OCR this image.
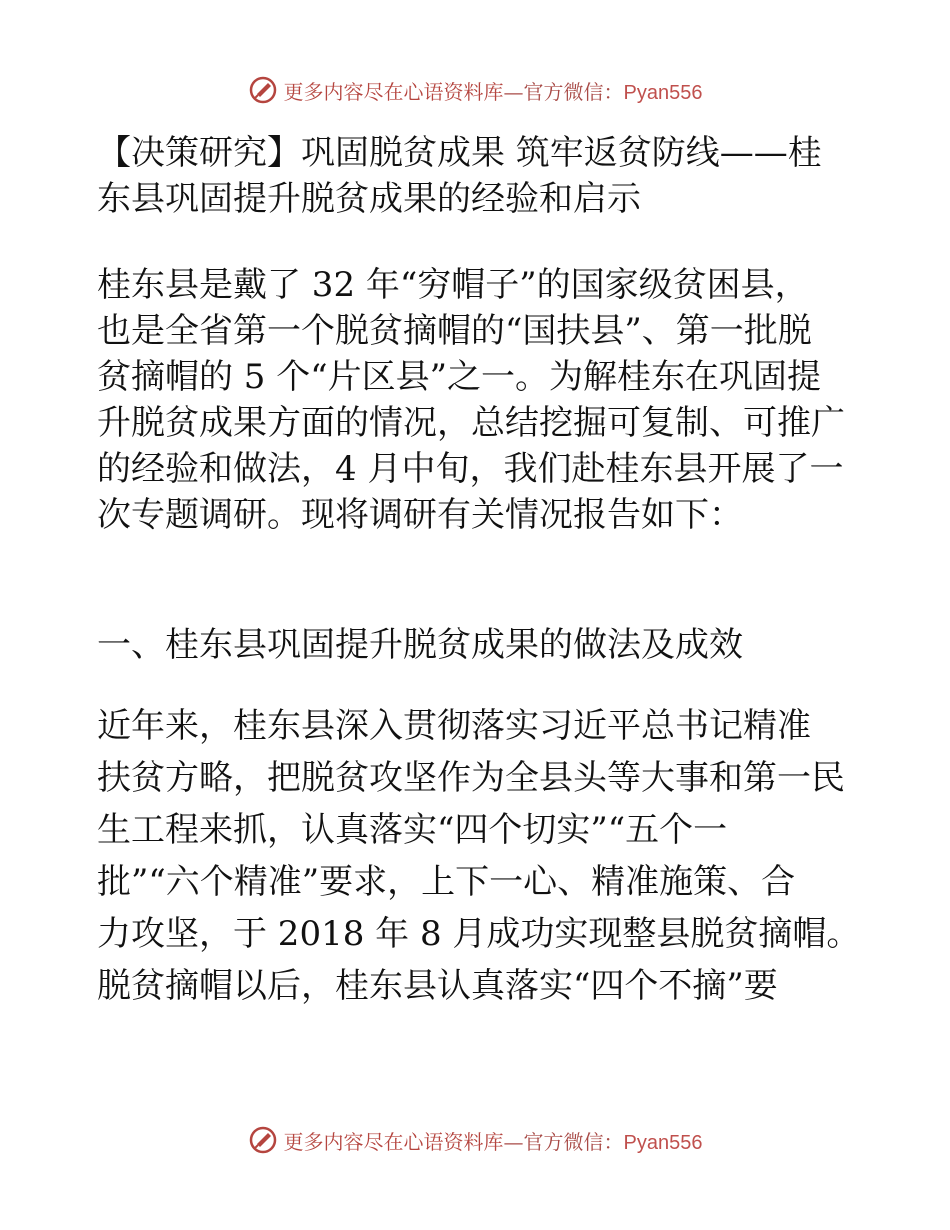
更多内容尽在心语资料库—官方微信：Pyan556
【决策研究】巩固脱贫成果 筑牢返贫防线——桂
东县巩固提升脱贫成果的经验和启示
桂东县是戴了 32 年“穷帽子”的国家级贫困县，
也是全省第一个脱贫摘帽的“国扶县”、第一批脱
贫摘帽的 5 个“片区县”之一。为解桂东在巩固提
升脱贫成果方面的情况，总结挖掘可复制、可推广
的经验和做法，4 月中旬，我们赴桂东县开展了一
次专题调研。现将调研有关情况报告如下：
一、桂东县巩固提升脱贫成果的做法及成效
近年来，桂东县深入贯彻落实习近平总书记精准
扶贫方略，把脱贫攻坚作为全县头等大事和第一民
生工程来抓，认真落实“四个切实”“五个一
批”“六个精准”要求，上下一心、精准施策、合
力攻坚，于 2018 年 8 月成功实现整县脱贫摘帽。
脱贫摘帽以后，桂东县认真落实“四个不摘”要
更多内容尽在心语资料库—官方微信：Pyan556
